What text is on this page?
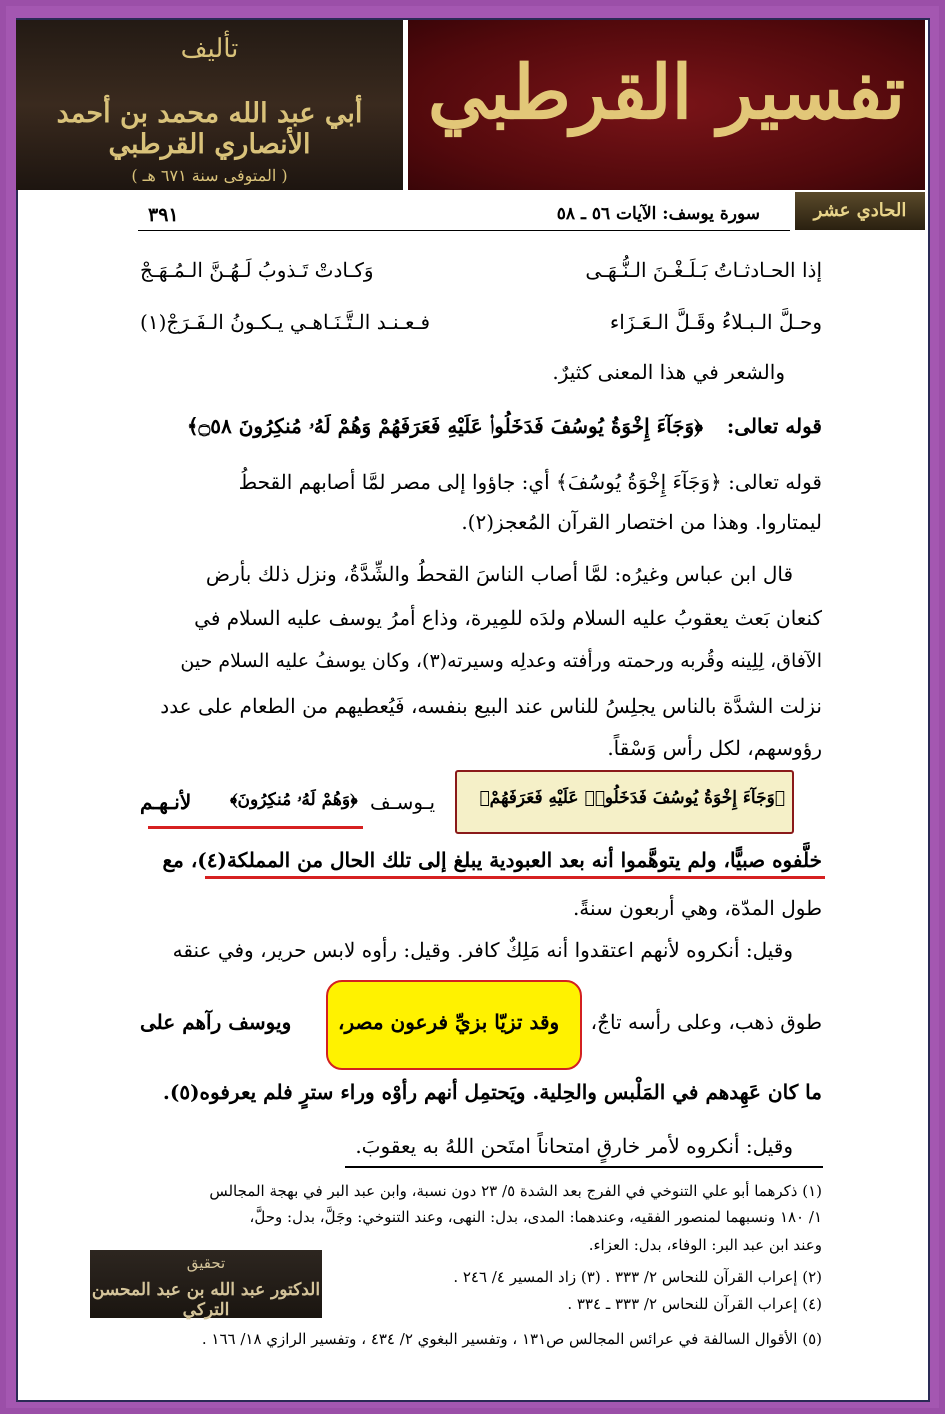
تأليف
أبي عبد الله محمد بن أحمد الأنصاري القرطبي
( المتوفى سنة ٦٧١ هـ )
تفسير القرطبي
الحادي عشر
سورة يوسف: الآيات ٥٦ ـ ٥٨
٣٩١
إذا الحـادثـاتُ بَـلَـغْـنَ الـنُّـهَـى
وَكـادتْ تَـذوبُ لَـهُـنَّ الـمُـهَـجْ
وحـلَّ الـبـلاءُ وقَـلَّ الـعَـزَاء
فـعـنـد الـتَّـنَـاهـي يـكـونُ الـفَـرَجْ(١)
والشعر في هذا المعنى كثيرٌ.
قوله تعالى:
﴿وَجَآءَ إِخْوَةُ يُوسُفَ فَدَخَلُوا۟ عَلَيْهِ فَعَرَفَهُمْ وَهُمْ لَهُۥ مُنكِرُونَ ۝٥٨﴾
قوله تعالى: ﴿وَجَآءَ إِخْوَةُ يُوسُفَ﴾ أي: جاؤوا إلى مصر لمَّا أصابهم القحطُ
ليمتاروا. وهذا من اختصار القرآن المُعجز(٢).
قال ابن عباس وغيرُه: لمَّا أصاب الناسَ القحطُ والشِّدَّةُ، ونزل ذلك بأرض
كنعان بَعث يعقوبُ عليه السلام ولدَه للمِيرة، وذاع أمرُ يوسف عليه السلام في
الآفاق، لِلِينه وقُربه ورحمته ورأفته وعدلِه وسيرته(٣)، وكان يوسفُ عليه السلام حين
نزلت الشدَّة بالناس يجلِسُ للناس عند البيع بنفسه، فَيُعطيهم من الطعام على عدد
رؤوسهم، لكل رأس وَسْقاً.
﴿وَجَآءَ إِخْوَةُ يُوسُفَ فَدَخَلُوا۟ عَلَيْهِ فَعَرَفَهُمْ﴾
يـوسـف
﴿وَهُمْ لَهُۥ مُنكِرُونَ﴾
لأنـهـم
خلَّفوه صبيًّا، ولم يتوهَّموا أنه بعد العبودية يبلغ إلى تلك الحال من المملكة(٤)، مع
طول المدّة، وهي أربعون سنةً.
وقيل: أنكروه لأنهم اعتقدوا أنه مَلِكٌ كافر. وقيل: رأوه لابس حرير، وفي عنقه
طوق ذهب، وعلى رأسه تاجٌ،
وقد تزيّا بزيِّ فرعون مصر،
ويوسف رآهم على
ما كان عَهِدهم في المَلْبس والحِلية. ويَحتمِل أنهم رأوْه وراء سترٍ فلم يعرفوه(٥).
وقيل: أنكروه لأمر خارقٍ امتحاناً امتَحن اللهُ به يعقوبَ.
(١) ذكرهما أبو علي التنوخي في الفرج بعد الشدة ٥/ ٢٣ دون نسبة، وابن عبد البر في بهجة المجالس
١/ ١٨٠ ونسبهما لمنصور الفقيه، وعندهما: المدى، بدل: النهى، وعند التنوخي: وجَلَّ، بدل: وحلَّ،
وعند ابن عبد البر: الوفاء، بدل: العزاء.
(٢) إعراب القرآن للنحاس ٢/ ٣٣٣ . (٣) زاد المسير ٤/ ٢٤٦ .
(٤) إعراب القرآن للنحاس ٢/ ٣٣٣ ـ ٣٣٤ .
(٥) الأقوال السالفة في عرائس المجالس ص١٣١ ، وتفسير البغوي ٢/ ٤٣٤ ، وتفسير الرازي ١٨/ ١٦٦ .
تحقيق
الدكتور عبد الله بن عبد المحسن التركي
